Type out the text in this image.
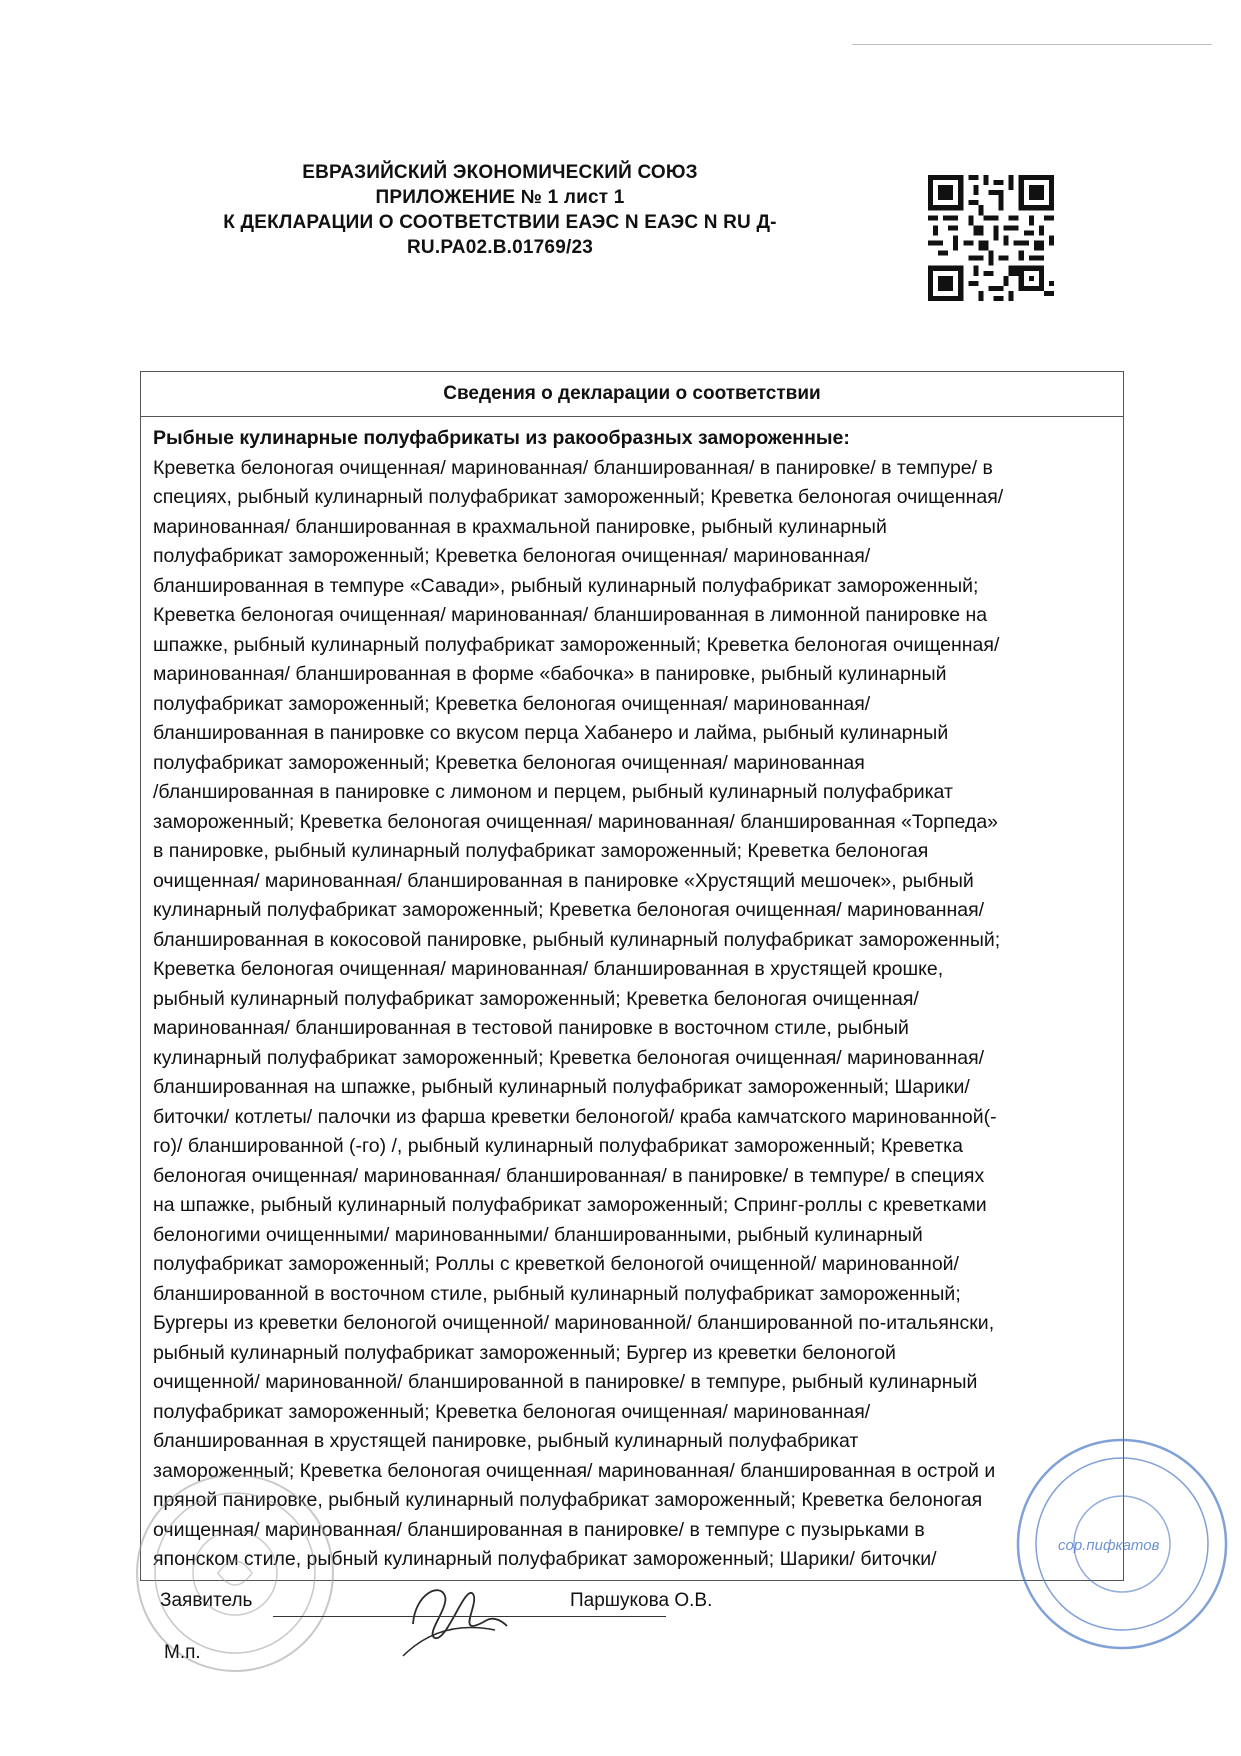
ЕВРАЗИЙСКИЙ ЭКОНОМИЧЕСКИЙ СОЮЗ
ПРИЛОЖЕНИЕ № 1 лист 1
К ДЕКЛАРАЦИИ О СООТВЕТСТВИИ ЕАЭС N ЕАЭС N RU Д-
RU.PA02.B.01769/23
Сведения о декларации о соответствии
Рыбные кулинарные полуфабрикаты из ракообразных замороженные:
Креветка белоногая очищенная/ маринованная/ бланшированная/ в панировке/ в темпуре/ в
специях, рыбный кулинарный полуфабрикат замороженный; Креветка белоногая очищенная/
маринованная/ бланшированная в крахмальной панировке, рыбный кулинарный
полуфабрикат замороженный; Креветка белоногая очищенная/ маринованная/
бланшированная в темпуре «Савади», рыбный кулинарный полуфабрикат замороженный;
Креветка белоногая очищенная/ маринованная/ бланшированная в лимонной панировке на
шпажке, рыбный кулинарный полуфабрикат замороженный; Креветка белоногая очищенная/
маринованная/ бланшированная в форме «бабочка» в панировке, рыбный кулинарный
полуфабрикат замороженный; Креветка белоногая очищенная/ маринованная/
бланшированная в панировке со вкусом перца Хабанеро и лайма, рыбный кулинарный
полуфабрикат замороженный; Креветка белоногая очищенная/ маринованная
/бланшированная в панировке с лимоном и перцем, рыбный кулинарный полуфабрикат
замороженный; Креветка белоногая очищенная/ маринованная/ бланшированная «Торпеда»
в панировке, рыбный кулинарный полуфабрикат замороженный; Креветка белоногая
очищенная/ маринованная/ бланшированная в панировке «Хрустящий мешочек», рыбный
кулинарный полуфабрикат замороженный; Креветка белоногая очищенная/ маринованная/
бланшированная в кокосовой панировке, рыбный кулинарный полуфабрикат замороженный;
Креветка белоногая очищенная/ маринованная/ бланшированная в хрустящей крошке,
рыбный кулинарный полуфабрикат замороженный; Креветка белоногая очищенная/
маринованная/ бланшированная в тестовой панировке в восточном стиле, рыбный
кулинарный полуфабрикат замороженный; Креветка белоногая очищенная/ маринованная/
бланшированная на шпажке, рыбный кулинарный полуфабрикат замороженный; Шарики/
биточки/ котлеты/ палочки из фарша креветки белоногой/ краба камчатского маринованной(-
го)/ бланшированной (-го) /, рыбный кулинарный полуфабрикат замороженный; Креветка
белоногая очищенная/ маринованная/ бланшированная/ в панировке/ в темпуре/ в специях
на шпажке, рыбный кулинарный полуфабрикат замороженный; Спринг-роллы с креветками
белоногими очищенными/ маринованными/ бланшированными, рыбный кулинарный
полуфабрикат замороженный; Роллы с креветкой белоногой очищенной/ маринованной/
бланшированной в восточном стиле, рыбный кулинарный полуфабрикат замороженный;
Бургеры из креветки белоногой очищенной/ маринованной/ бланшированной по-итальянски,
рыбный кулинарный полуфабрикат замороженный; Бургер из креветки белоногой
очищенной/ маринованной/ бланшированной в панировке/ в темпуре, рыбный кулинарный
полуфабрикат замороженный; Креветка белоногая очищенная/ маринованная/
бланшированная в хрустящей панировке, рыбный кулинарный полуфабрикат
замороженный; Креветка белоногая очищенная/ маринованная/ бланшированная в острой и
пряной панировке, рыбный кулинарный полуфабрикат замороженный; Креветка белоногая
очищенная/ маринованная/ бланшированная в панировке/ в темпуре с пузырьками в
японском стиле, рыбный кулинарный полуфабрикат замороженный; Шарики/ биточки/
сор.пифкатов
Заявитель	Паршукова О.В.
М.п.
